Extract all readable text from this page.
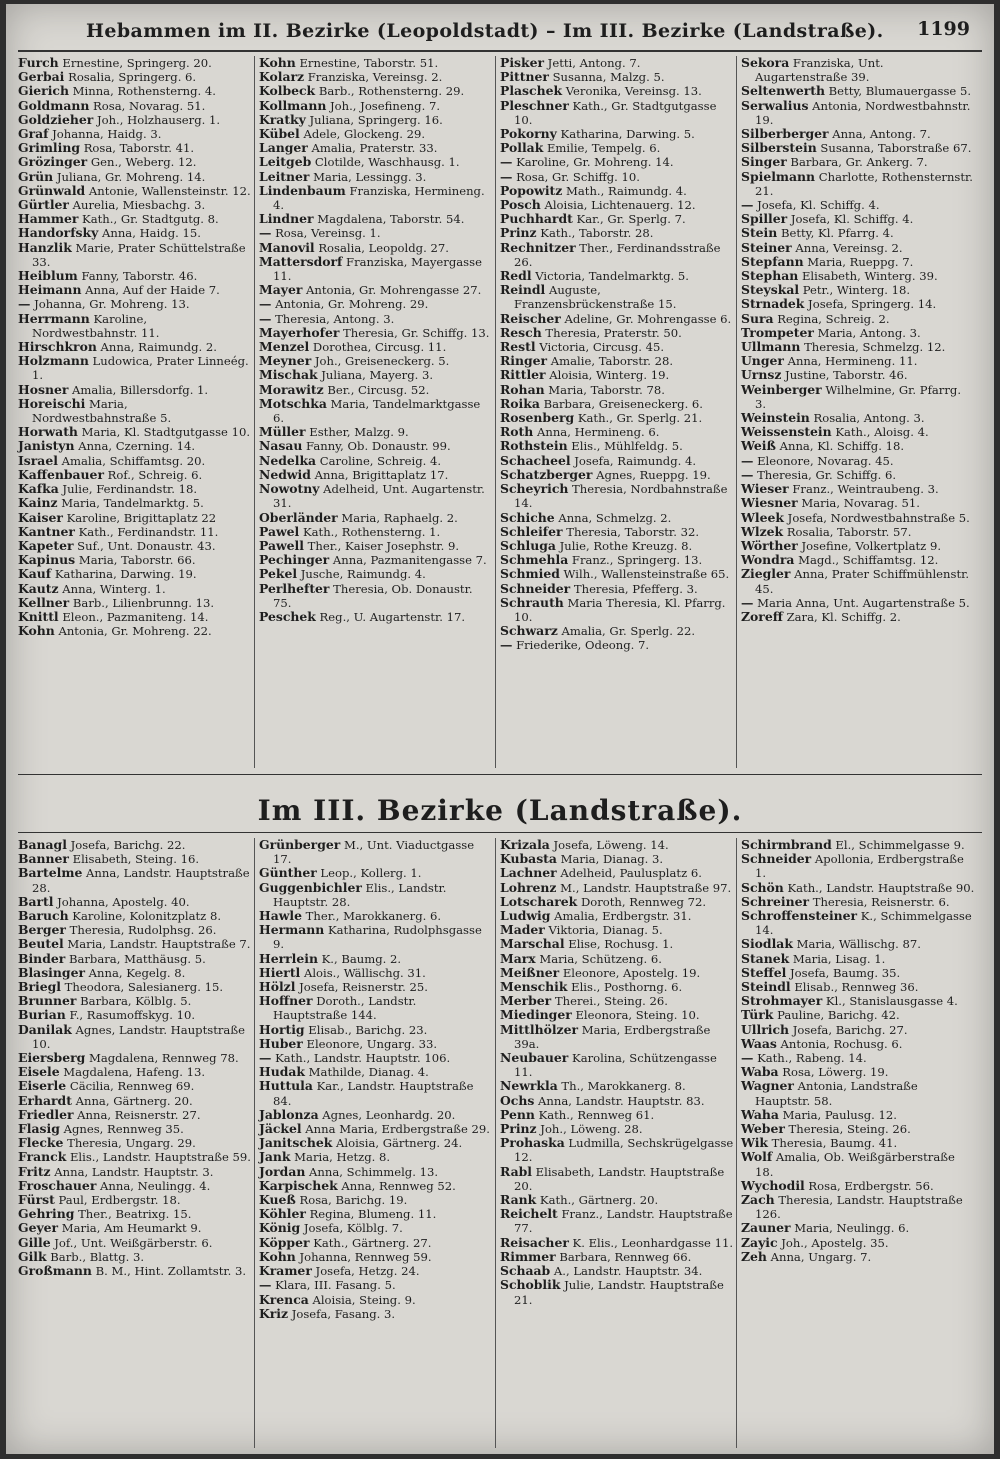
Hebammen im II. Bezirke (Leopoldstadt) – Im III. Bezirke (Landstraße). 1199

Furch Ernestine, Springerg. 20.

Gerbai Rosalia, Springerg. 6.

Gierich Minna, Rothensterng. 4.

Goldmann Rosa, Novarag. 51.

Goldzieher Joh., Holzhauserg. 1.

Graf Johanna, Haidg. 3.

Grimling Rosa, Taborstr. 41.

Grözinger Gen., Weberg. 12.

Grün Juliana, Gr. Mohreng. 14.

Grünwald Antonie, Wallensteinstr. 12.

Gürtler Aurelia, Miesbachg. 3.

Hammer Kath., Gr. Stadtgutg. 8.

Handorfsky Anna, Haidg. 15.

Hanzlik Marie, Prater Schüttelstraße 33.

Heiblum Fanny, Taborstr. 46.

Heimann Anna, Auf der Haide 7.

— Johanna, Gr. Mohreng. 13.

Herrmann Karoline, Nordwestbahnstr. 11.

Hirschkron Anna, Raimundg. 2.

Holzmann Ludowica, Prater Linneég. 1.

Hosner Amalia, Billersdorfg. 1.

Horeischi Maria, Nordwestbahnstraße 5.

Horwath Maria, Kl. Stadtgutgasse 10.

Janistyn Anna, Czerning. 14.

Israel Amalia, Schiffamtsg. 20.

Kaffenbauer Rof., Schreig. 6.

Kafka Julie, Ferdinandstr. 18.

Kainz Maria, Tandelmarktg. 5.

Kaiser Karoline, Brigittaplatz 22

Kantner Kath., Ferdinandstr. 11.

Kapeter Suf., Unt. Donaustr. 43.

Kapinus Maria, Taborstr. 66.

Kauf Katharina, Darwing. 19.

Kautz Anna, Winterg. 1.

Kellner Barb., Lilienbrunng. 13.

Knittl Eleon., Pazmaniteng. 14.

Kohn Antonia, Gr. Mohreng. 22.

Kohn Ernestine, Taborstr. 51.

Kolarz Franziska, Vereinsg. 2.

Kolbeck Barb., Rothensterng. 29.

Kollmann Joh., Josefineng. 7.

Kratky Juliana, Springerg. 16.

Kübel Adele, Glockeng. 29.

Langer Amalia, Praterstr. 33.

Leitgeb Clotilde, Waschhausg. 1.

Leitner Maria, Lessingg. 3.

Lindenbaum Franziska, Hermineng. 4.

Lindner Magdalena, Taborstr. 54.

— Rosa, Vereinsg. 1.

Manovil Rosalia, Leopoldg. 27.

Mattersdorf Franziska, Mayergasse 11.

Mayer Antonia, Gr. Mohrengasse 27.

— Antonia, Gr. Mohreng. 29.

— Theresia, Antong. 3.

Mayerhofer Theresia, Gr. Schiffg. 13.

Menzel Dorothea, Circusg. 11.

Meyner Joh., Greiseneckerg. 5.

Mischak Juliana, Mayerg. 3.

Morawitz Ber., Circusg. 52.

Motschka Maria, Tandelmarktgasse 6.

Müller Esther, Malzg. 9.

Nasau Fanny, Ob. Donaustr. 99.

Nedelka Caroline, Schreig. 4.

Nedwid Anna, Brigittaplatz 17.

Nowotny Adelheid, Unt. Augartenstr. 31.

Oberländer Maria, Raphaelg. 2.

Pawel Kath., Rothensterng. 1.

Pawell Ther., Kaiser Josephstr. 9.

Pechinger Anna, Pazmanitengasse 7.

Pekel Jusche, Raimundg. 4.

Perlhefter Theresia, Ob. Donaustr. 75.

Peschek Reg., U. Augartenstr. 17.

Pisker Jetti, Antong. 7.

Pittner Susanna, Malzg. 5.

Plaschek Veronika, Vereinsg. 13.

Pleschner Kath., Gr. Stadtgutgasse 10.

Pokorny Katharina, Darwing. 5.

Pollak Emilie, Tempelg. 6.

— Karoline, Gr. Mohreng. 14.

— Rosa, Gr. Schiffg. 10.

Popowitz Math., Raimundg. 4.

Posch Aloisia, Lichtenauerg. 12.

Puchhardt Kar., Gr. Sperlg. 7.

Prinz Kath., Taborstr. 28.

Rechnitzer Ther., Ferdinandsstraße 26.

Redl Victoria, Tandelmarktg. 5.

Reindl Auguste, Franzensbrückenstraße 15.

Reischer Adeline, Gr. Mohrengasse 6.

Resch Theresia, Praterstr. 50.

Restl Victoria, Circusg. 45.

Ringer Amalie, Taborstr. 28.

Rittler Aloisia, Winterg. 19.

Rohan Maria, Taborstr. 78.

Roika Barbara, Greiseneckerg. 6.

Rosenberg Kath., Gr. Sperlg. 21.

Roth Anna, Hermineng. 6.

Rothstein Elis., Mühlfeldg. 5.

Schacheel Josefa, Raimundg. 4.

Schatzberger Agnes, Rueppg. 19.

Scheyrich Theresia, Nordbahnstraße 14.

Schiche Anna, Schmelzg. 2.

Schleifer Theresia, Taborstr. 32.

Schluga Julie, Rothe Kreuzg. 8.

Schmehla Franz., Springerg. 13.

Schmied Wilh., Wallensteinstraße 65.

Schneider Theresia, Pfefferg. 3.

Schrauth Maria Theresia, Kl. Pfarrg. 10.

Schwarz Amalia, Gr. Sperlg. 22.

— Friederike, Odeong. 7.

Sekora Franziska, Unt. Augartenstraße 39.

Seltenwerth Betty, Blumauergasse 5.

Serwalius Antonia, Nordwestbahnstr. 19.

Silberberger Anna, Antong. 7.

Silberstein Susanna, Taborstraße 67.

Singer Barbara, Gr. Ankerg. 7.

Spielmann Charlotte, Rothensternstr. 21.

— Josefa, Kl. Schiffg. 4.

Spiller Josefa, Kl. Schiffg. 4.

Stein Betty, Kl. Pfarrg. 4.

Steiner Anna, Vereinsg. 2.

Stepfann Maria, Rueppg. 7.

Stephan Elisabeth, Winterg. 39.

Steyskal Petr., Winterg. 18.

Strnadek Josefa, Springerg. 14.

Sura Regina, Schreig. 2.

Trompeter Maria, Antong. 3.

Ullmann Theresia, Schmelzg. 12.

Unger Anna, Hermineng. 11.

Urnsz Justine, Taborstr. 46.

Weinberger Wilhelmine, Gr. Pfarrg. 3.

Weinstein Rosalia, Antong. 3.

Weissenstein Kath., Aloisg. 4.

Weiß Anna, Kl. Schiffg. 18.

— Eleonore, Novarag. 45.

— Theresia, Gr. Schiffg. 6.

Wieser Franz., Weintraubeng. 3.

Wiesner Maria, Novarag. 51.

Wleek Josefa, Nordwestbahnstraße 5.

Wlzek Rosalia, Taborstr. 57.

Wörther Josefine, Volkertplatz 9.

Wondra Magd., Schiffamtsg. 12.

Ziegler Anna, Prater Schiffmühlenstr. 45.

— Maria Anna, Unt. Augartenstraße 5.

Zoreff Zara, Kl. Schiffg. 2.

Im III. Bezirke (Landstraße).

Banagl Josefa, Barichg. 22.

Banner Elisabeth, Steing. 16.

Bartelme Anna, Landstr. Hauptstraße 28.

Bartl Johanna, Apostelg. 40.

Baruch Karoline, Kolonitzplatz 8.

Berger Theresia, Rudolphsg. 26.

Beutel Maria, Landstr. Hauptstraße 7.

Binder Barbara, Matthäusg. 5.

Blasinger Anna, Kegelg. 8.

Briegl Theodora, Salesianerg. 15.

Brunner Barbara, Kölblg. 5.

Burian F., Rasumoffskyg. 10.

Danilak Agnes, Landstr. Hauptstraße 10.

Eiersberg Magdalena, Rennweg 78.

Eisele Magdalena, Hafeng. 13.

Eiserle Cäcilia, Rennweg 69.

Erhardt Anna, Gärtnerg. 20.

Friedler Anna, Reisnerstr. 27.

Flasig Agnes, Rennweg 35.

Flecke Theresia, Ungarg. 29.

Franck Elis., Landstr. Hauptstraße 59.

Fritz Anna, Landstr. Hauptstr. 3.

Froschauer Anna, Neulingg. 4.

Fürst Paul, Erdbergstr. 18.

Gehring Ther., Beatrixg. 15.

Geyer Maria, Am Heumarkt 9.

Gille Jof., Unt. Weißgärberstr. 6.

Gilk Barb., Blattg. 3.

Großmann B. M., Hint. Zollamtstr. 3.

Grünberger M., Unt. Viaductgasse 17.

Günther Leop., Kollerg. 1.

Guggenbichler Elis., Landstr. Hauptstr. 28.

Hawle Ther., Marokkanerg. 6.

Hermann Katharina, Rudolphsgasse 9.

Herrlein K., Baumg. 2.

Hiertl Alois., Wällischg. 31.

Hölzl Josefa, Reisnerstr. 25.

Hoffner Doroth., Landstr. Hauptstraße 144.

Hortig Elisab., Barichg. 23.

Huber Eleonore, Ungarg. 33.

— Kath., Landstr. Hauptstr. 106.

Hudak Mathilde, Dianag. 4.

Huttula Kar., Landstr. Hauptstraße 84.

Jablonza Agnes, Leonhardg. 20.

Jäckel Anna Maria, Erdbergstraße 29.

Janitschek Aloisia, Gärtnerg. 24.

Jank Maria, Hetzg. 8.

Jordan Anna, Schimmelg. 13.

Karpischek Anna, Rennweg 52.

Kueß Rosa, Barichg. 19.

Köhler Regina, Blumeng. 11.

König Josefa, Kölblg. 7.

Köpper Kath., Gärtnerg. 27.

Kohn Johanna, Rennweg 59.

Kramer Josefa, Hetzg. 24.

— Klara, III. Fasang. 5.

Krenca Aloisia, Steing. 9.

Kriz Josefa, Fasang. 3.

Krizala Josefa, Löweng. 14.

Kubasta Maria, Dianag. 3.

Lachner Adelheid, Paulusplatz 6.

Lohrenz M., Landstr. Hauptstraße 97.

Lotscharek Doroth, Rennweg 72.

Ludwig Amalia, Erdbergstr. 31.

Mader Viktoria, Dianag. 5.

Marschal Elise, Rochusg. 1.

Marx Maria, Schützeng. 6.

Meißner Eleonore, Apostelg. 19.

Menschik Elis., Posthorng. 6.

Merber Therei., Steing. 26.

Miedinger Eleonora, Steing. 10.

Mittlhölzer Maria, Erdbergstraße 39a.

Neubauer Karolina, Schützengasse 11.

Newrkla Th., Marokkanerg. 8.

Ochs Anna, Landstr. Hauptstr. 83.

Penn Kath., Rennweg 61.

Prinz Joh., Löweng. 28.

Prohaska Ludmilla, Sechskrügelgasse 12.

Rabl Elisabeth, Landstr. Hauptstraße 20.

Rank Kath., Gärtnerg. 20.

Reichelt Franz., Landstr. Hauptstraße 77.

Reisacher K. Elis., Leonhardgasse 11.

Rimmer Barbara, Rennweg 66.

Schaab A., Landstr. Hauptstr. 34.

Schoblik Julie, Landstr. Hauptstraße 21.

Schirmbrand El., Schimmelgasse 9.

Schneider Apollonia, Erdbergstraße 1.

Schön Kath., Landstr. Hauptstraße 90.

Schreiner Theresia, Reisnerstr. 6.

Schroffensteiner K., Schimmelgasse 14.

Siodlak Maria, Wällischg. 87.

Stanek Maria, Lisag. 1.

Steffel Josefa, Baumg. 35.

Steindl Elisab., Rennweg 36.

Strohmayer Kl., Stanislausgasse 4.

Türk Pauline, Barichg. 42.

Ullrich Josefa, Barichg. 27.

Waas Antonia, Rochusg. 6.

— Kath., Rabeng. 14.

Waba Rosa, Löwerg. 19.

Wagner Antonia, Landstraße Hauptstr. 58.

Waha Maria, Paulusg. 12.

Weber Theresia, Steing. 26.

Wik Theresia, Baumg. 41.

Wolf Amalia, Ob. Weißgärberstraße 18.

Wychodil Rosa, Erdbergstr. 56.

Zach Theresia, Landstr. Hauptstraße 126.

Zauner Maria, Neulingg. 6.

Zayic Joh., Apostelg. 35.

Zeh Anna, Ungarg. 7.
